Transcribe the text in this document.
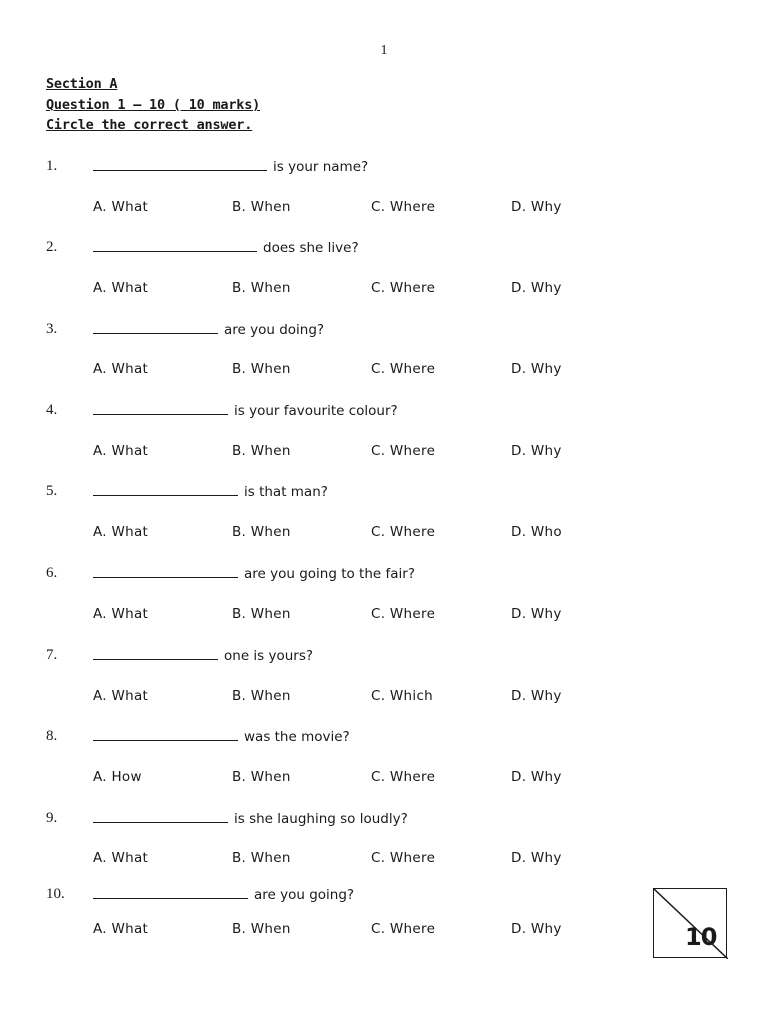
1
Section A
Question 1 – 10 ( 10 marks)
Circle the correct answer.
1.	is your name?
A. What	B. When	C. Where	D. Why
2.	does she live?
A. What	B. When	C. Where	D. Why
3.	are you doing?
A. What	B. When	C. Where	D. Why
4.	is your favourite colour?
A. What	B. When	C. Where	D. Why
5.	is that man?
A. What	B. When	C. Where	D. Who
6.	are you going to the fair?
A. What	B. When	C. Where	D. Why
7.	one is yours?
A. What	B. When	C. Which	D. Why
8.	was the movie?
A. How	B. When	C. Where	D. Why
9.	is she laughing so loudly?
A. What	B. When	C. Where	D. Why
10.	are you going?
A. What	B. When	C. Where	D. Why	10
